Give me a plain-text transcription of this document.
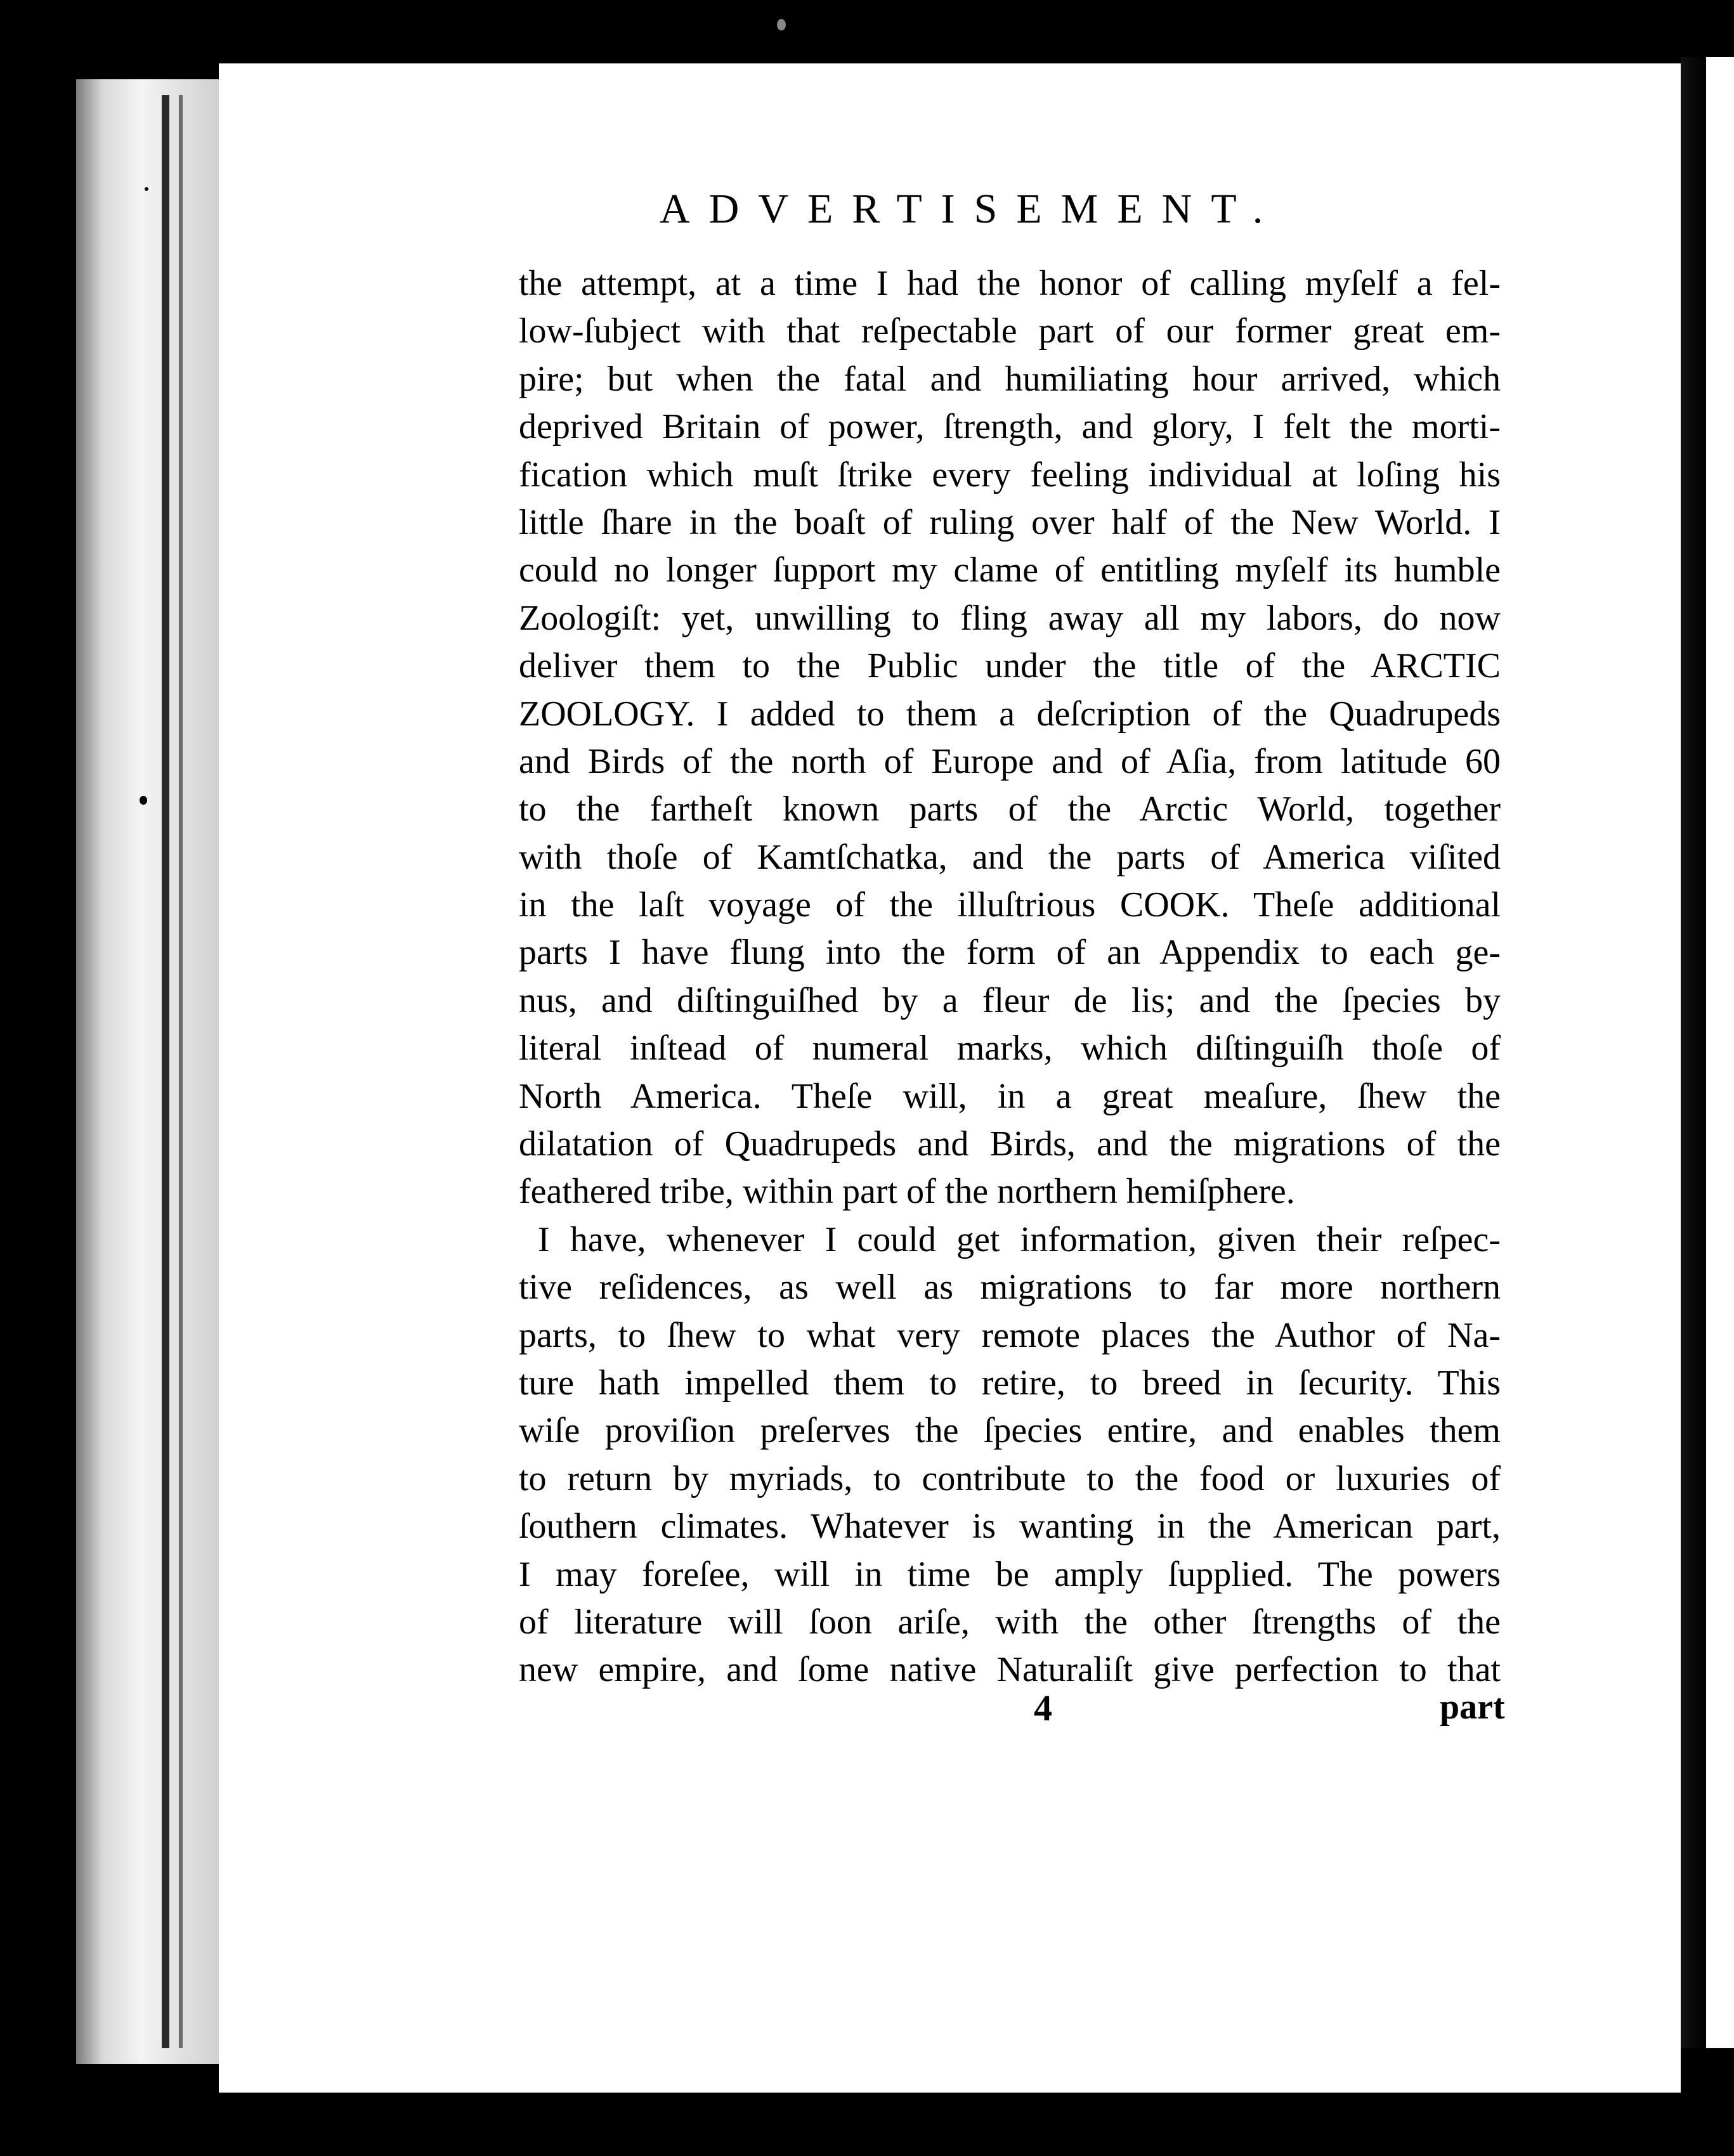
ADVERTISEMENT.
the attempt, at a time I had the honor of calling myſelf a fel-
low-ſubject with that reſpectable part of our former great em-
pire; but when the fatal and humiliating hour arrived, which
deprived Britain of power, ſtrength, and glory, I felt the morti-
fication which muſt ſtrike every feeling individual at loſing his
little ſhare in the boaſt of ruling over half of the New World. I
could no longer ſupport my clame of entitling myſelf its humble
Zoologiſt: yet, unwilling to fling away all my labors, do now
deliver them to the Public under the title of the ARCTIC
ZOOLOGY. I added to them a deſcription of the Quadrupeds
and Birds of the north of Europe and of Aſia, from latitude 60
to the fartheſt known parts of the Arctic World, together
with thoſe of Kamtſchatka, and the parts of America viſited
in the laſt voyage of the illuſtrious COOK. Theſe additional
parts I have flung into the form of an Appendix to each ge-
nus, and diſtinguiſhed by a fleur de lis; and the ſpecies by
literal inſtead of numeral marks, which diſtinguiſh thoſe of
North America. Theſe will, in a great meaſure, ſhew the
dilatation of Quadrupeds and Birds, and the migrations of the
feathered tribe, within part of the northern hemiſphere.
I have, whenever I could get information, given their reſpec-
tive reſidences, as well as migrations to far more northern
parts, to ſhew to what very remote places the Author of Na-
ture hath impelled them to retire, to breed in ſecurity. This
wiſe proviſion preſerves the ſpecies entire, and enables them
to return by myriads, to contribute to the food or luxuries of
ſouthern climates. Whatever is wanting in the American part,
I may foreſee, will in time be amply ſupplied. The powers
of literature will ſoon ariſe, with the other ſtrengths of the
new empire, and ſome native Naturaliſt give perfection to that
4	part
